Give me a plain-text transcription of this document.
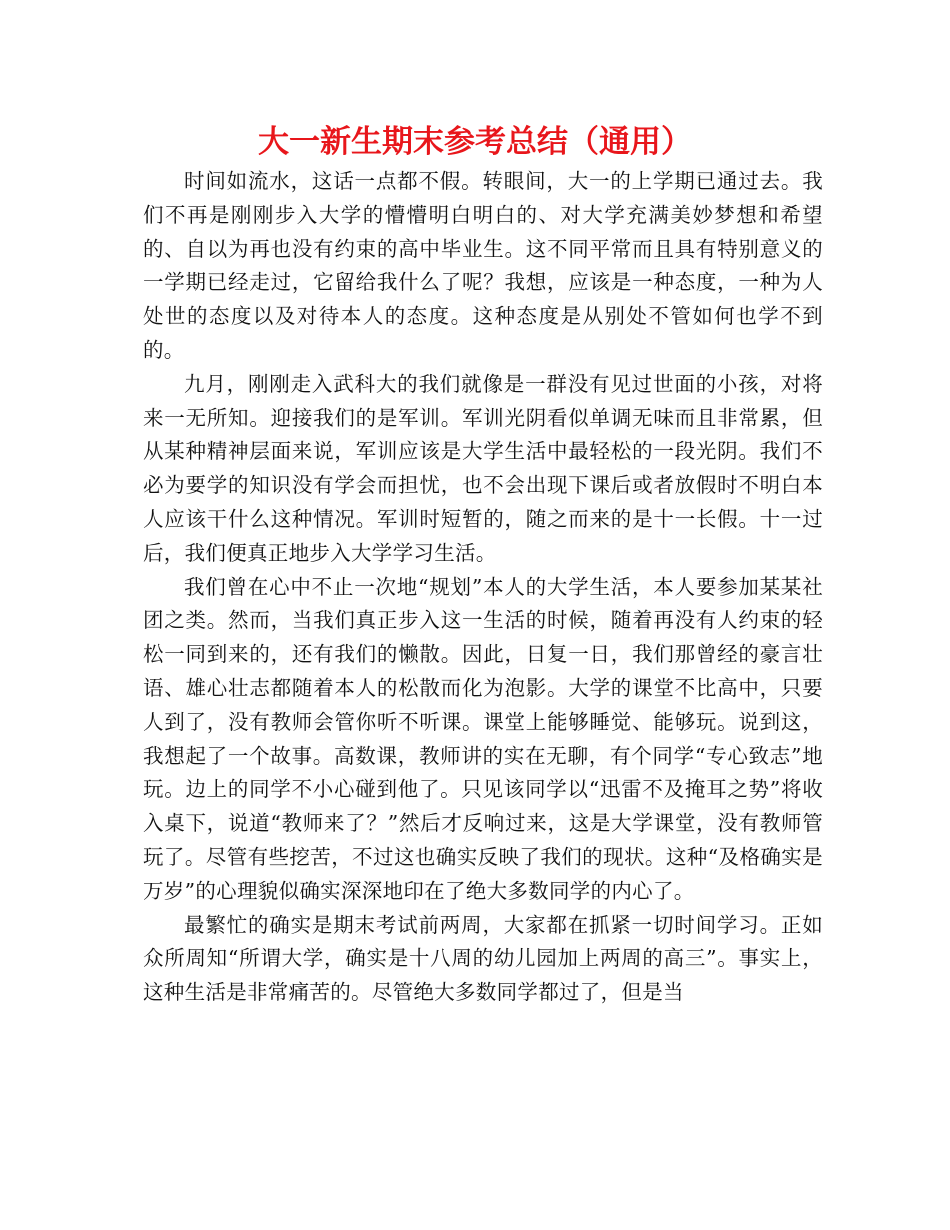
大一新生期末参考总结（通用）

时间如流水，这话一点都不假。转眼间，大一的上学期已通过去。我们不再是刚刚步入大学的懵懵明白明白的、对大学充满美妙梦想和希望的、自以为再也没有约束的高中毕业生。这不同平常而且具有特别意义的一学期已经走过，它留给我什么了呢？我想，应该是一种态度，一种为人处世的态度以及对待本人的态度。这种态度是从别处不管如何也学不到的。

九月，刚刚走入武科大的我们就像是一群没有见过世面的小孩，对将来一无所知。迎接我们的是军训。军训光阴看似单调无味而且非常累，但从某种精神层面来说，军训应该是大学生活中最轻松的一段光阴。我们不必为要学的知识没有学会而担忧，也不会出现下课后或者放假时不明白本人应该干什么这种情况。军训时短暂的，随之而来的是十一长假。十一过后，我们便真正地步入大学学习生活。

我们曾在心中不止一次地“规划”本人的大学生活，本人要参加某某社团之类。然而，当我们真正步入这一生活的时候，随着再没有人约束的轻松一同到来的，还有我们的懒散。因此，日复一日，我们那曾经的豪言壮语、雄心壮志都随着本人的松散而化为泡影。大学的课堂不比高中，只要人到了，没有教师会管你听不听课。课堂上能够睡觉、能够玩。说到这，我想起了一个故事。高数课，教师讲的实在无聊，有个同学“专心致志”地玩。边上的同学不小心碰到他了。只见该同学以“迅雷不及掩耳之势”将收入桌下，说道“教师来了？”然后才反响过来，这是大学课堂，没有教师管玩了。尽管有些挖苦，不过这也确实反映了我们的现状。这种“及格确实是万岁”的心理貌似确实深深地印在了绝大多数同学的内心了。

最繁忙的确实是期末考试前两周，大家都在抓紧一切时间学习。正如众所周知“所谓大学，确实是十八周的幼儿园加上两周的高三”。事实上，这种生活是非常痛苦的。尽管绝大多数同学都过了，但是当
